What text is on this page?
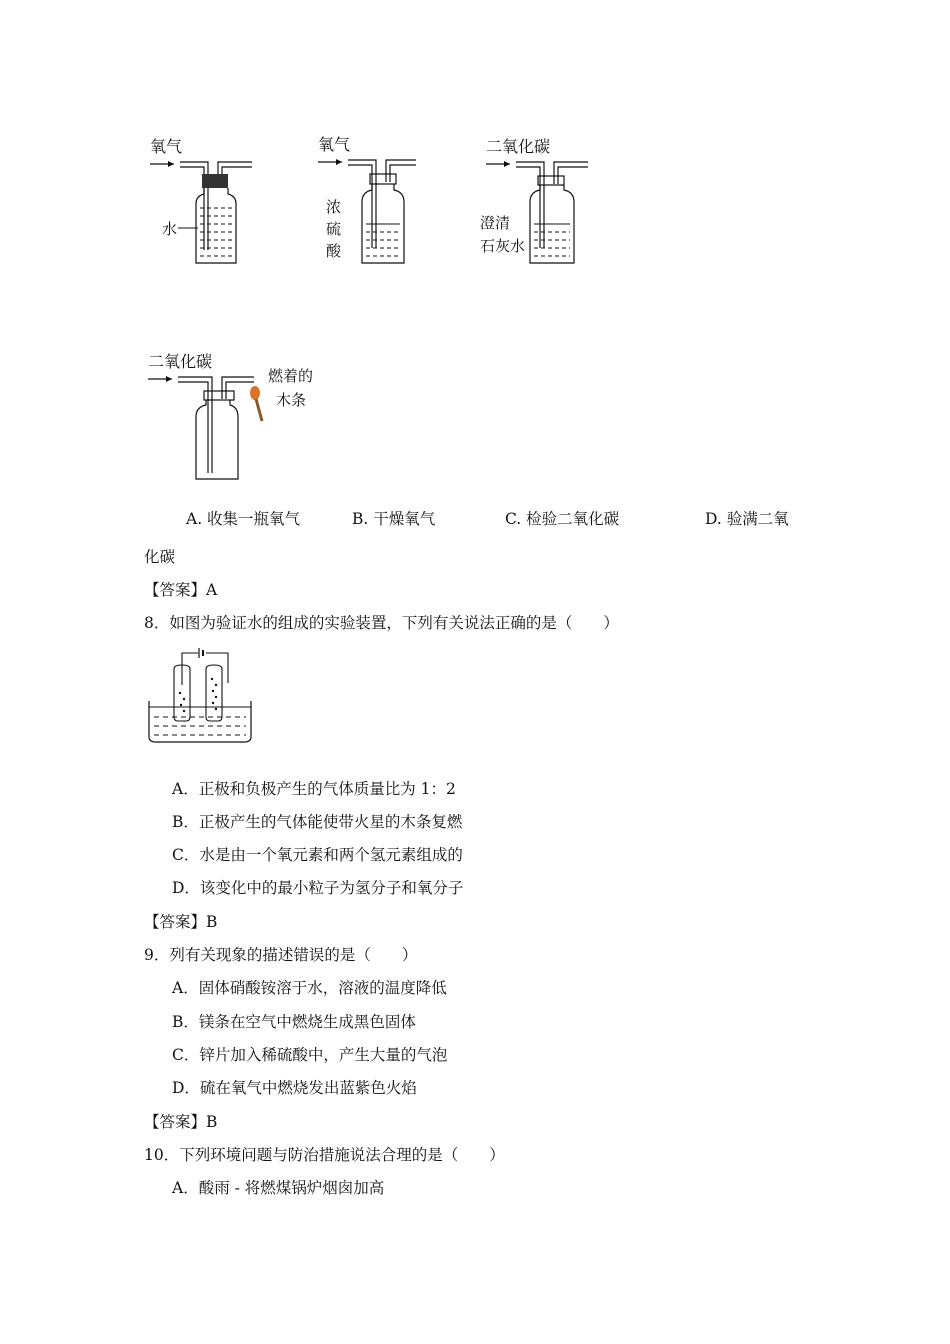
氧气
水
氧气
浓
硫
酸
二氧化碳
澄清
石灰水
二氧化碳
燃着的
木条
A. 收集一瓶氧气	B. 干燥氧气	C. 检验二氧化碳	D. 验满二氧
化碳
【答案】A
8．如图为验证水的组成的实验装置，下列有关说法正确的是（　　）
A．正极和负极产生的气体质量比为 1：2
B．正极产生的气体能使带火星的木条复燃
C．水是由一个氧元素和两个氢元素组成的
D．该变化中的最小粒子为氢分子和氧分子
【答案】B
9．列有关现象的描述错误的是（　　）
A．固体硝酸铵溶于水，溶液的温度降低
B．镁条在空气中燃烧生成黑色固体
C．锌片加入稀硫酸中，产生大量的气泡
D．硫在氧气中燃烧发出蓝紫色火焰
【答案】B
10．下列环境问题与防治措施说法合理的是（　　）
A．酸雨 - 将燃煤锅炉烟囱加高
